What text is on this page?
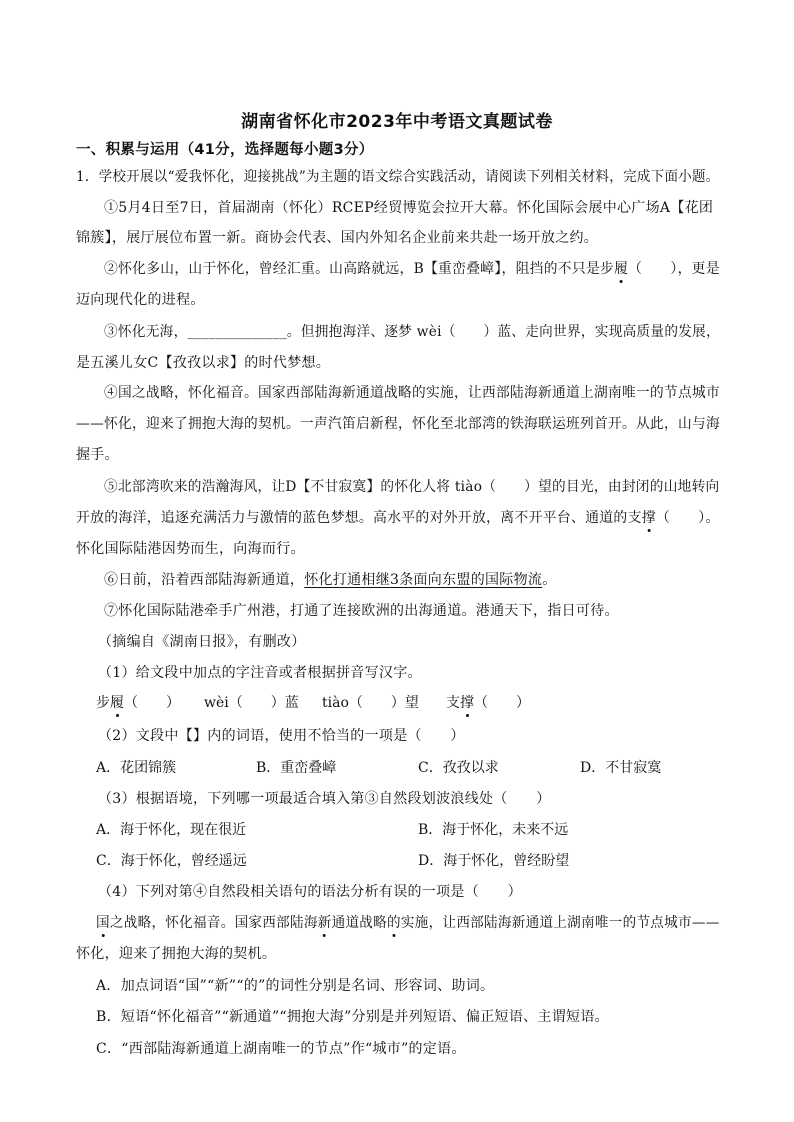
湖南省怀化市2023年中考语文真题试卷
一、积累与运用（41分，选择题每小题3分）
1．学校开展以“爱我怀化，迎接挑战”为主题的语文综合实践活动，请阅读下列相关材料，完成下面小题。
①5月4日至7日，首届湖南（怀化）RCEP经贸博览会拉开大幕。怀化国际会展中心广场A【花团
锦簇】，展厅展位布置一新。商协会代表、国内外知名企业前来共赴一场开放之约。
②怀化多山，山于怀化，曾经汇重。山高路就远，B【重峦叠嶂】，阻挡的不只是步履（　　），更是
迈向现代化的进程。
③怀化无海，______________。但拥抱海洋、逐梦 wèi（　　）蓝、走向世界，实现高质量的发展，
是五溪儿女C【孜孜以求】的时代梦想。
④国之战略，怀化福音。国家西部陆海新通道战略的实施，让西部陆海新通道上湖南唯一的节点城市
——怀化，迎来了拥抱大海的契机。一声汽笛启新程，怀化至北部湾的铁海联运班列首开。从此，山与海
握手。
⑤北部湾吹来的浩瀚海风，让D【不甘寂寞】的怀化人将 tiào（　　）望的目光，由封闭的山地转向
开放的海洋，追逐充满活力与激情的蓝色梦想。高水平的对外开放，离不开平台、通道的支撑（　　）。
怀化国际陆港因势而生，向海而行。
⑥日前，沿着西部陆海新通道，怀化打通相继3条面向东盟的国际物流。
⑦怀化国际陆港牵手广州港，打通了连接欧洲的出海通道。港通天下，指日可待。
（摘编自《湖南日报》，有删改）
（1）给文段中加点的字注音或者根据拼音写汉字。
步履（　　） wèi（　　）蓝 tiào（　　）望 支撑（　　）
（2）文段中【】内的词语，使用不恰当的一项是（　　）
A．花团锦簇	B．重峦叠嶂	C．孜孜以求	D．不甘寂寞
（3）根据语境，下列哪一项最适合填入第③自然段划波浪线处（　　）
A．海于怀化，现在很近	B．海于怀化，未来不远
C．海于怀化，曾经遥远	D．海于怀化，曾经盼望
（4）下列对第④自然段相关语句的语法分析有误的一项是（　　）
国之战略，怀化福音。国家西部陆海新通道战略的实施，让西部陆海新通道上湖南唯一的节点城市——
怀化，迎来了拥抱大海的契机。
A．加点词语“国”“新”“的”的词性分别是名词、形容词、助词。
B．短语“怀化福音”“新通道”“拥抱大海”分别是并列短语、偏正短语、主谓短语。
C．“西部陆海新通道上湖南唯一的节点”作“城市”的定语。
